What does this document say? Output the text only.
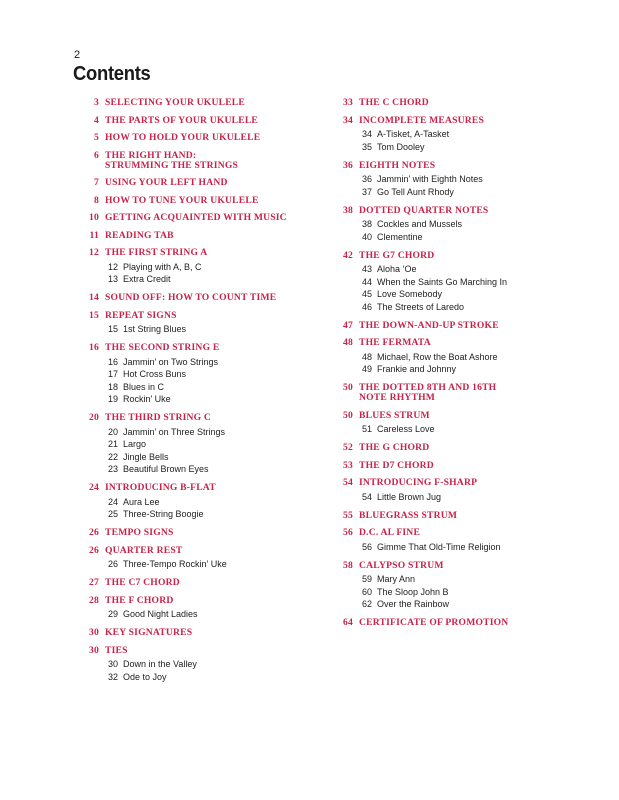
2
Contents
3 SELECTING YOUR UKULELE
4 THE PARTS OF YOUR UKULELE
5 HOW TO HOLD YOUR UKULELE
6 THE RIGHT HAND:
STRUMMING THE STRINGS
7 USING YOUR LEFT HAND
8 HOW TO TUNE YOUR UKULELE
10 GETTING ACQUAINTED WITH MUSIC
11 READING TAB
12 THE FIRST STRING A
12 Playing with A, B, C
13 Extra Credit
14 SOUND OFF: HOW TO COUNT TIME
15 REPEAT SIGNS
15 1st String Blues
16 THE SECOND STRING E
16 Jammin’ on Two Strings
17 Hot Cross Buns
18 Blues in C
19 Rockin’ Uke
20 THE THIRD STRING C
20 Jammin’ on Three Strings
21 Largo
22 Jingle Bells
23 Beautiful Brown Eyes
24 INTRODUCING B-FLAT
24 Aura Lee
25 Three-String Boogie
26 TEMPO SIGNS
26 QUARTER REST
26 Three-Tempo Rockin’ Uke
27 THE C7 CHORD
28 THE F CHORD
29 Good Night Ladies
30 KEY SIGNATURES
30 TIES
30 Down in the Valley
32 Ode to Joy
33 THE C CHORD
34 INCOMPLETE MEASURES
34 A-Tisket, A-Tasket
35 Tom Dooley
36 EIGHTH NOTES
36 Jammin’ with Eighth Notes
37 Go Tell Aunt Rhody
38 DOTTED QUARTER NOTES
38 Cockles and Mussels
40 Clementine
42 THE G7 CHORD
43 Aloha ‘Oe
44 When the Saints Go Marching In
45 Love Somebody
46 The Streets of Laredo
47 THE DOWN-AND-UP STROKE
48 THE FERMATA
48 Michael, Row the Boat Ashore
49 Frankie and Johnny
50 THE DOTTED 8TH AND 16TH
NOTE RHYTHM
50 BLUES STRUM
51 Careless Love
52 THE G CHORD
53 THE D7 CHORD
54 INTRODUCING F-SHARP
54 Little Brown Jug
55 BLUEGRASS STRUM
56 D.C. AL FINE
56 Gimme That Old-Time Religion
58 CALYPSO STRUM
59 Mary Ann
60 The Sloop John B
62 Over the Rainbow
64 CERTIFICATE OF PROMOTION
